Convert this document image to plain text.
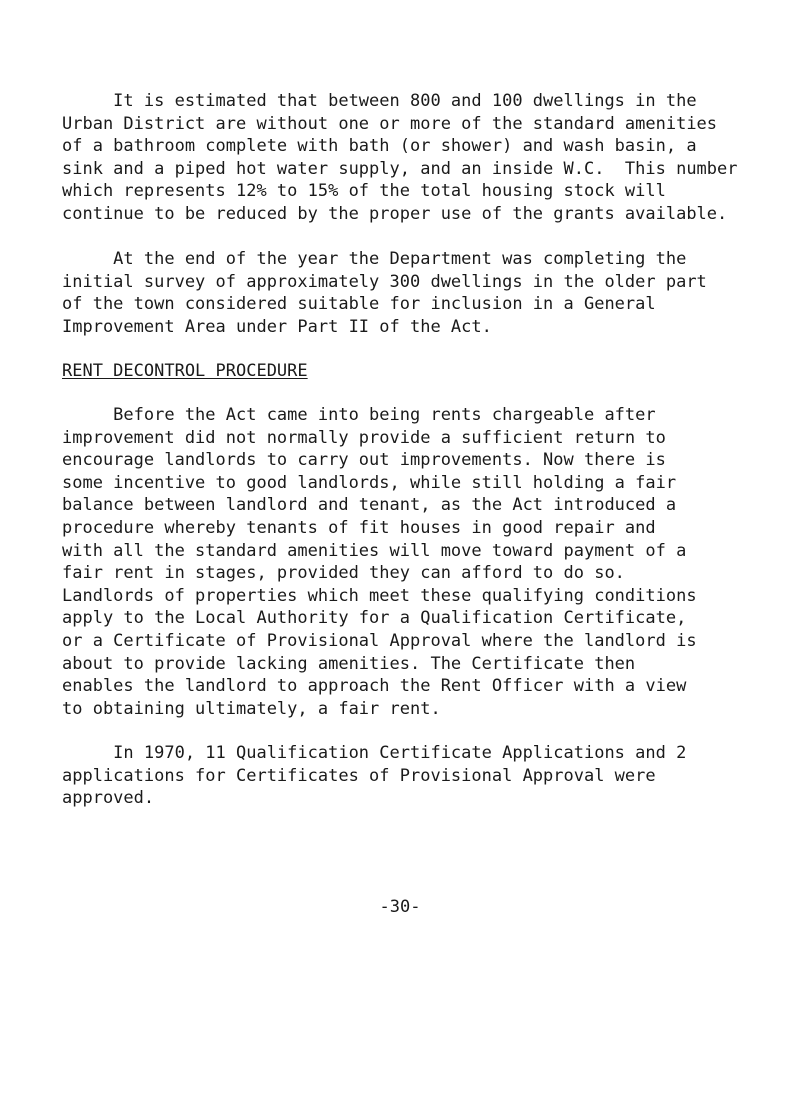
It is estimated that between 800 and 100 dwellings in the
Urban District are without one or more of the standard amenities
of a bathroom complete with bath (or shower) and wash basin, a
sink and a piped hot water supply, and an inside W.C.  This number
which represents 12% to 15% of the total housing stock will
continue to be reduced by the proper use of the grants available.

At the end of the year the Department was completing the
initial survey of approximately 300 dwellings in the older part
of the town considered suitable for inclusion in a General
Improvement Area under Part II of the Act.

RENT DECONTROL PROCEDURE

Before the Act came into being rents chargeable after
improvement did not normally provide a sufficient return to
encourage landlords to carry out improvements. Now there is
some incentive to good landlords, while still holding a fair
balance between landlord and tenant, as the Act introduced a
procedure whereby tenants of fit houses in good repair and
with all the standard amenities will move toward payment of a
fair rent in stages, provided they can afford to do so.
Landlords of properties which meet these qualifying conditions
apply to the Local Authority for a Qualification Certificate,
or a Certificate of Provisional Approval where the landlord is
about to provide lacking amenities. The Certificate then
enables the landlord to approach the Rent Officer with a view
to obtaining ultimately, a fair rent.

In 1970, 11 Qualification Certificate Applications and 2
applications for Certificates of Provisional Approval were
approved.

-30-
